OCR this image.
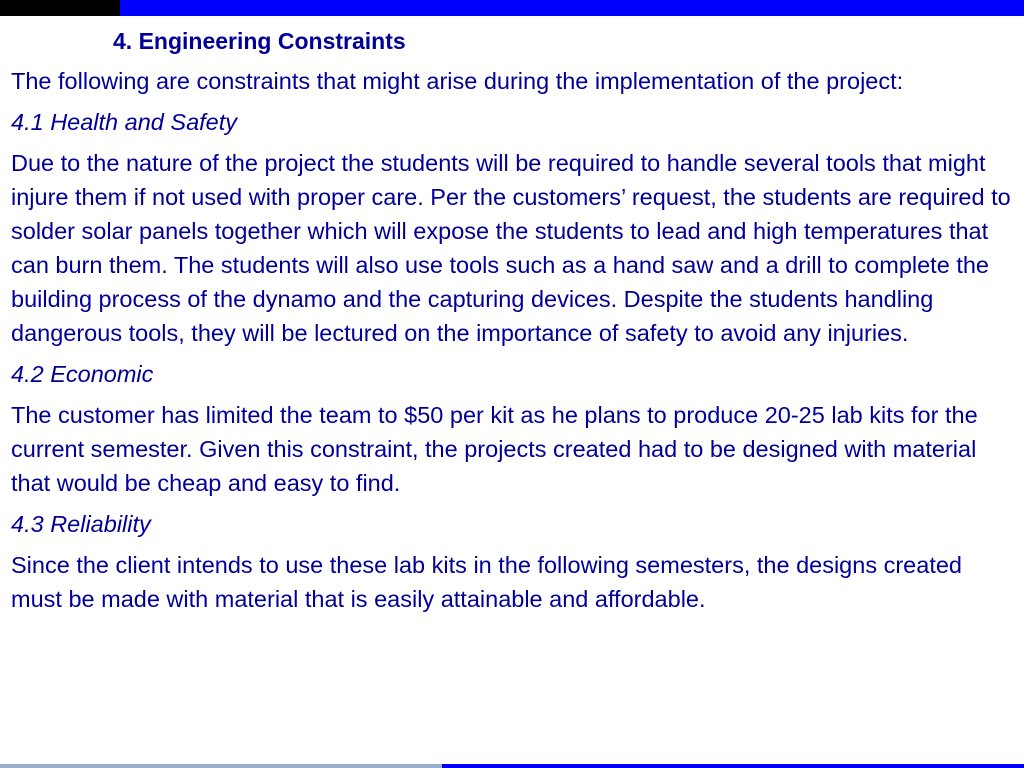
4. Engineering Constraints

The following are constraints that might arise during the implementation of the project:

4.1 Health and Safety

Due to the nature of the project the students will be required to handle several tools that might injure them if not used with proper care. Per the customers’ request, the students are required to solder solar panels together which will expose the students to lead and high temperatures that can burn them. The students will also use tools such as a hand saw and a drill to complete the building process of the dynamo and the capturing devices. Despite the students handling dangerous tools, they will be lectured on the importance of safety to avoid any injuries.

4.2 Economic

The customer has limited the team to $50 per kit as he plans to produce 20-25 lab kits for the current semester. Given this constraint, the projects created had to be designed with material that would be cheap and easy to find.

4.3 Reliability

Since the client intends to use these lab kits in the following semesters, the designs created must be made with material that is easily attainable and affordable.
